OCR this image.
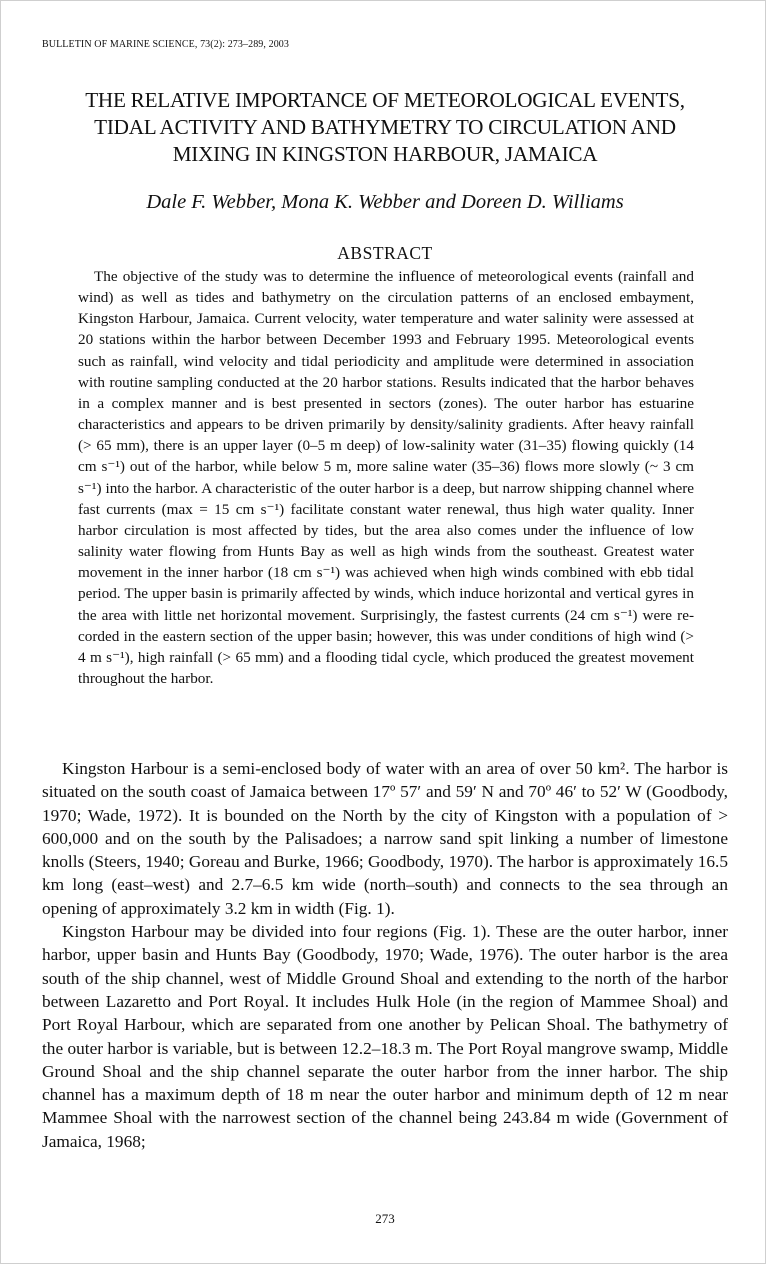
BULLETIN OF MARINE SCIENCE, 73(2): 273–289, 2003
THE RELATIVE IMPORTANCE OF METEOROLOGICAL EVENTS,
TIDAL ACTIVITY AND BATHYMETRY TO CIRCULATION AND
MIXING IN KINGSTON HARBOUR, JAMAICA
Dale F. Webber, Mona K. Webber and Doreen D. Williams
ABSTRACT

The objective of the study was to determine the influence of meteorological events (rainfall and wind) as well as tides and bathymetry on the circulation patterns of an enclosed embayment, Kingston Harbour, Jamaica. Current velocity, water temperature and water salinity were assessed at 20 stations within the harbor between December 1993 and February 1995. Meteorological events such as rainfall, wind velocity and tidal periodicity and amplitude were determined in association with routine sampling conducted at the 20 harbor stations. Results indicated that the harbor behaves in a complex manner and is best presented in sectors (zones). The outer harbor has estuarine characteristics and appears to be driven primarily by density/salinity gradients. After heavy rainfall (> 65 mm), there is an upper layer (0–5 m deep) of low-salinity water (31–35) flowing quickly (14 cm s⁻¹) out of the harbor, while below 5 m, more saline water (35–36) flows more slowly (~ 3 cm s⁻¹) into the harbor. A characteristic of the outer harbor is a deep, but narrow shipping channel where fast currents (max = 15 cm s⁻¹) facilitate constant water renewal, thus high water quality. Inner harbor circulation is most affected by tides, but the area also comes under the influence of low salinity water flowing from Hunts Bay as well as high winds from the southeast. Greatest water movement in the inner harbor (18 cm s⁻¹) was achieved when high winds combined with ebb tidal period. The upper basin is primarily affected by winds, which induce horizontal and vertical gyres in the area with little net horizontal movement. Surprisingly, the fastest currents (24 cm s⁻¹) were recorded in the eastern section of the upper basin; however, this was under conditions of high wind (> 4 m s⁻¹), high rainfall (> 65 mm) and a flooding tidal cycle, which produced the greatest movement throughout the harbor.

Kingston Harbour is a semi-enclosed body of water with an area of over 50 km². The harbor is situated on the south coast of Jamaica between 17º 57′ and 59′ N and 70º 46′ to 52′ W (Goodbody, 1970; Wade, 1972). It is bounded on the North by the city of Kingston with a population of > 600,000 and on the south by the Palisadoes; a narrow sand spit linking a number of limestone knolls (Steers, 1940; Goreau and Burke, 1966; Goodbody, 1970). The harbor is approximately 16.5 km long (east–west) and 2.7–6.5 km wide (north–south) and connects to the sea through an opening of approximately 3.2 km in width (Fig. 1).

Kingston Harbour may be divided into four regions (Fig. 1). These are the outer harbor, inner harbor, upper basin and Hunts Bay (Goodbody, 1970; Wade, 1976). The outer harbor is the area south of the ship channel, west of Middle Ground Shoal and extending to the north of the harbor between Lazaretto and Port Royal. It includes Hulk Hole (in the region of Mammee Shoal) and Port Royal Harbour, which are separated from one another by Pelican Shoal. The bathymetry of the outer harbor is variable, but is between 12.2–18.3 m. The Port Royal mangrove swamp, Middle Ground Shoal and the ship channel separate the outer harbor from the inner harbor. The ship channel has a maximum depth of 18 m near the outer harbor and minimum depth of 12 m near Mammee Shoal with the narrowest section of the channel being 243.84 m wide (Government of Jamaica, 1968;

273
